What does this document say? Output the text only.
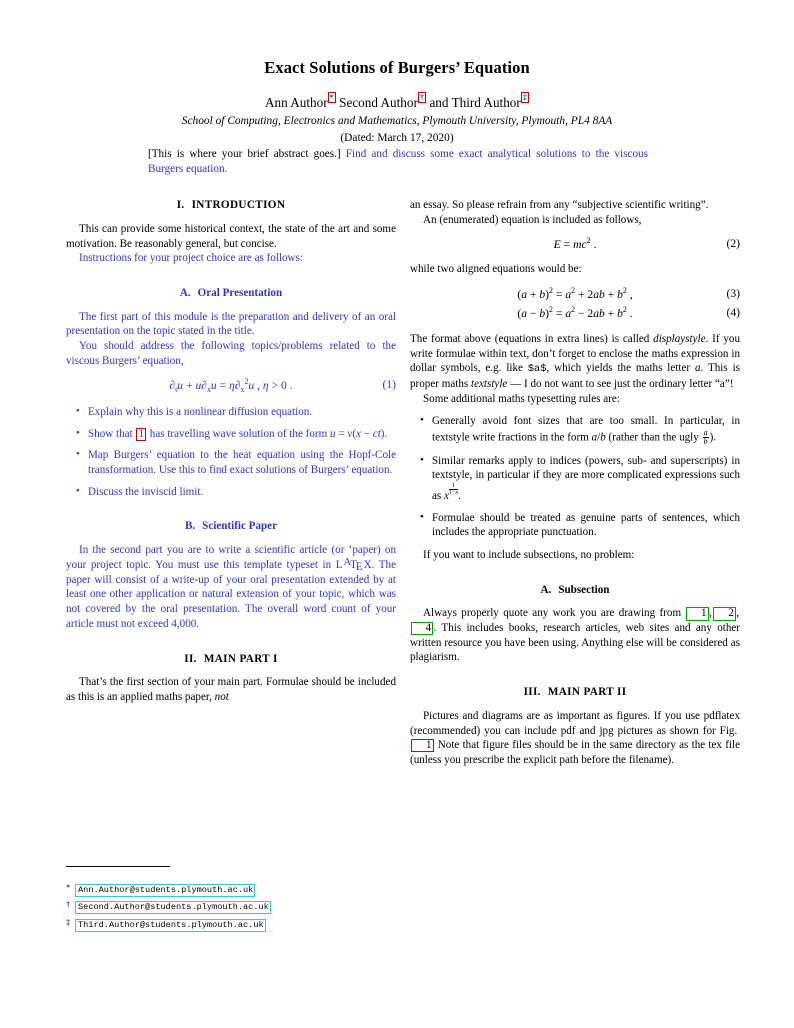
Exact Solutions of Burgers’ Equation
Ann Author * Second Author † and Third Author ‡
School of Computing, Electronics and Mathematics, Plymouth University, Plymouth, PL4 8AA
(Dated: March 17, 2020)
[This is where your brief abstract goes.] Find and discuss some exact analytical solutions to the viscous Burgers equation.
I. INTRODUCTION

This can provide some historical context, the state of the art and some motivation. Be reasonably general, but concise.

Instructions for your project choice are as follows:

A. Oral Presentation

The first part of this module is the preparation and delivery of an oral presentation on the topic stated in the title.

You should address the following topics/problems related to the viscous Burgers’ equation,

$\partial_tu + u\partial_xu = \eta\partial_x^2u$ , η > 0 .	(1)
• Explain why this is a nonlinear diffusion equation.
• Show that 1 has travelling wave solution of the form u = v(x − ct).
• Map Burgers’ equation to the heat equation using the Hopf-Cole transformation. Use this to find exact solutions of Burgers’ equation.
• Discuss the inviscid limit.
B. Scientific Paper

In the second part you are to write a scientific article (or ‘paper) on your project topic. You must use this template typeset in LATEX. The paper will consist of a write-up of your oral presentation extended by at least one other application or natural extension of your topic, which was not covered by the oral presentation. The overall word count of your article must not exceed 4,000.

II. MAIN PART I

That’s the first section of your main part. Formulae should be included as this is an applied maths paper, not

an essay. So please refrain from any “subjective scientific writing”.

An (enumerated) equation is included as follows,

$E = mc^2$ .	(2)

while two aligned equations would be:

$(a + b)^2 = a^2 + 2ab + b^2$ ,	(3)
$(a - b)^2 = a^2 - 2ab + b^2$ .	(4)

The format above (equations in extra lines) is called displaystyle. If you write formulae within text, don’t forget to enclose the maths expression in dollar symbols, e.g. like $a$, which yields the maths letter a. This is proper maths textstyle — I do not want to see just the ordinary letter “a”!

Some additional maths typesetting rules are:

• Generally avoid font sizes that are too small. In particular, in textstyle write fractions in the form a/b (rather than the ugly $\frac{a}{b}$ ).
• Similar remarks apply to indices (powers, sub- and superscripts) in textstyle, in particular if they are more complicated expressions such as x $\frac{1}{1-x}$ .
• Formulae should be treated as genuine parts of sentences, which includes the appropriate punctuation.

If you want to include subsections, no problem:

A. Subsection

Always properly quote any work you are drawing from 1 , 2 , 4 . This includes books, research articles, web sites and any other written resource you have been using. Anything else will be considered as plagiarism.

III. MAIN PART II

Pictures and diagrams are as important as figures. If you use pdflatex (recommended) you can include pdf and jpg pictures as shown for Fig. 1 Note that figure files should be in the same directory as the tex file (unless you prescribe the explicit path before the filename).

* Ann.Author@students.plymouth.ac.uk
† Second.Author@students.plymouth.ac.uk
‡ Third.Author@students.plymouth.ac.uk
